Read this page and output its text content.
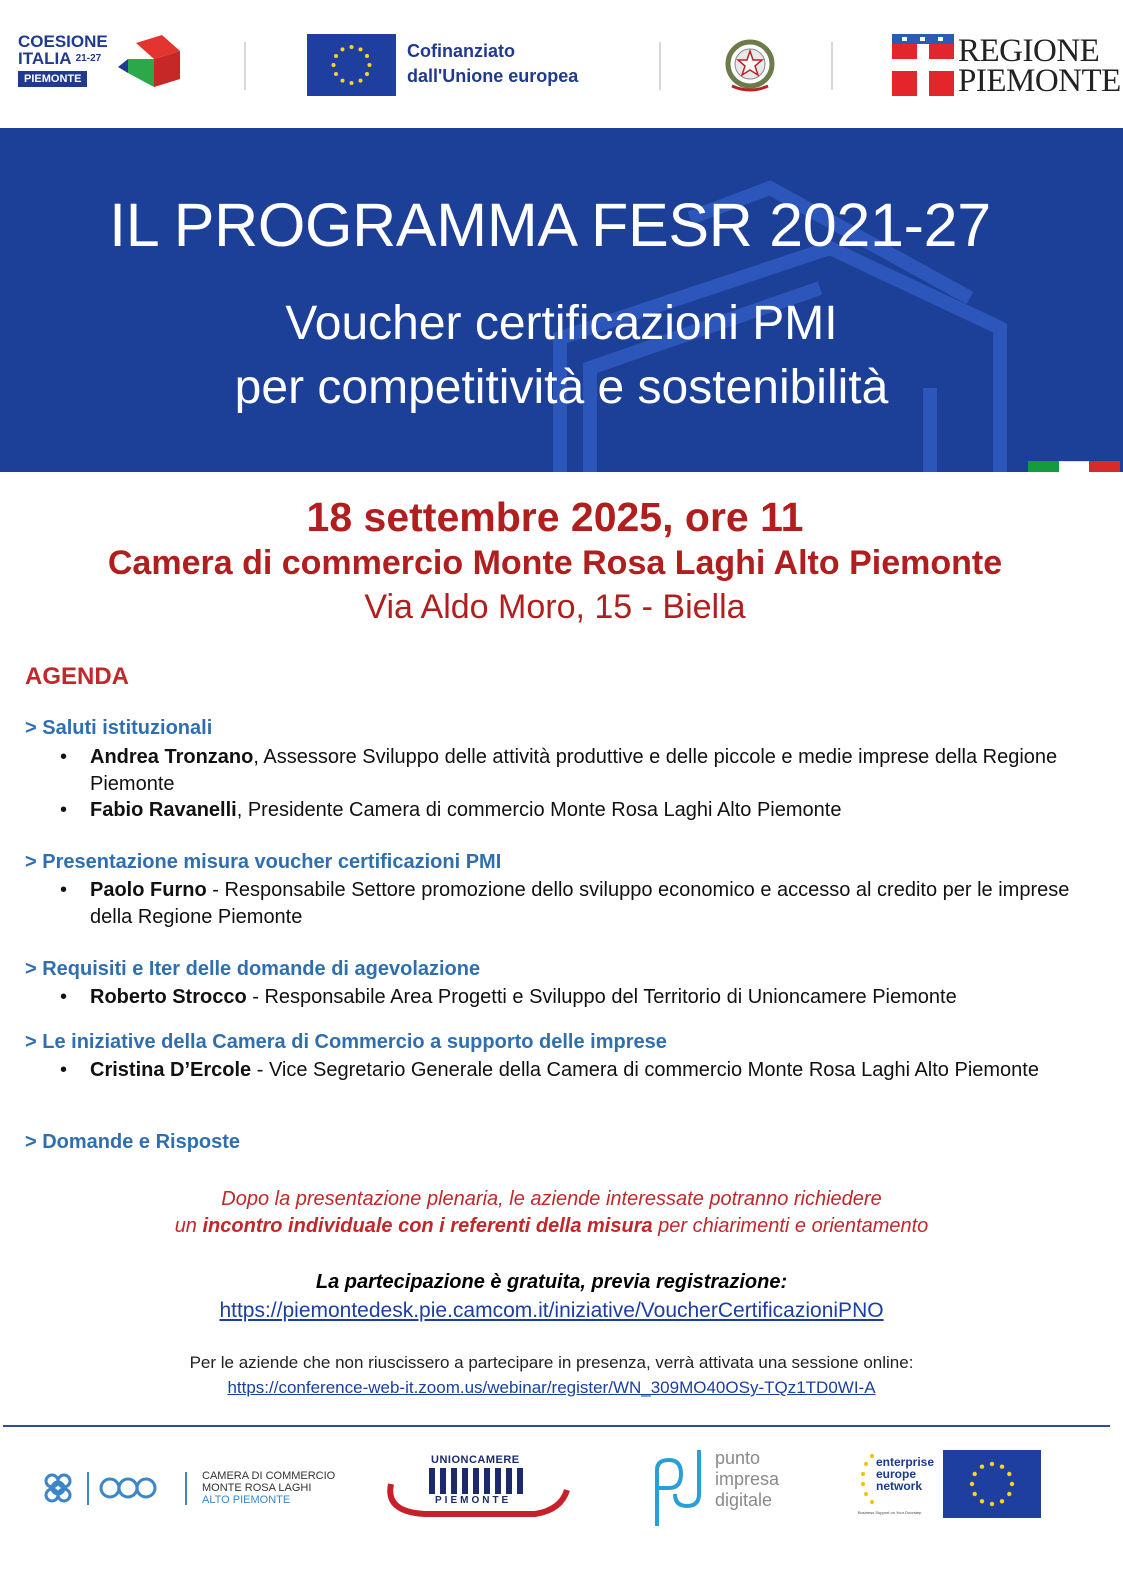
COESIONE
ITALIA $^{21-27}$
PIEMONTE
Cofinanziato
dall'Unione europea
REGIONE
PIEMONTE
IL PROGRAMMA FESR 2021-27
Voucher certificazioni PMI
per competitività e sostenibilità
18 settembre 2025, ore 11
Camera di commercio Monte Rosa Laghi Alto Piemonte
Via Aldo Moro, 15 - Biella
AGENDA
> Saluti istituzionali
• Andrea Tronzano, Assessore Sviluppo delle attività produttive e delle piccole e medie imprese della Regione Piemonte
• Fabio Ravanelli, Presidente Camera di commercio Monte Rosa Laghi Alto Piemonte
> Presentazione misura voucher certificazioni PMI
• Paolo Furno - Responsabile Settore promozione dello sviluppo economico e accesso al credito per le imprese della Regione Piemonte
> Requisiti e Iter delle domande di agevolazione
• Roberto Strocco - Responsabile Area Progetti e Sviluppo del Territorio di Unioncamere Piemonte
> Le iniziative della Camera di Commercio a supporto delle imprese
• Cristina D’Ercole - Vice Segretario Generale della Camera di commercio Monte Rosa Laghi Alto Piemonte
> Domande e Risposte
Dopo la presentazione plenaria, le aziende interessate potranno richiedere
un incontro individuale con i referenti della misura per chiarimenti e orientamento
La partecipazione è gratuita, previa registrazione:
https://piemontedesk.pie.camcom.it/iniziative/VoucherCertificazioniPNO
Per le aziende che non riuscissero a partecipare in presenza, verrà attivata una sessione online:
https://conference-web-it.zoom.us/webinar/register/WN_309MO40OSy-TQz1TD0WI-A
CAMERA DI COMMERCIO
MONTE ROSA LAGHI
ALTO PIEMONTE
UNIONCAMERE
PIEMONTE
punto
impresa
digitale
enterprise
europe
network
Business Support on Your Doorstep
